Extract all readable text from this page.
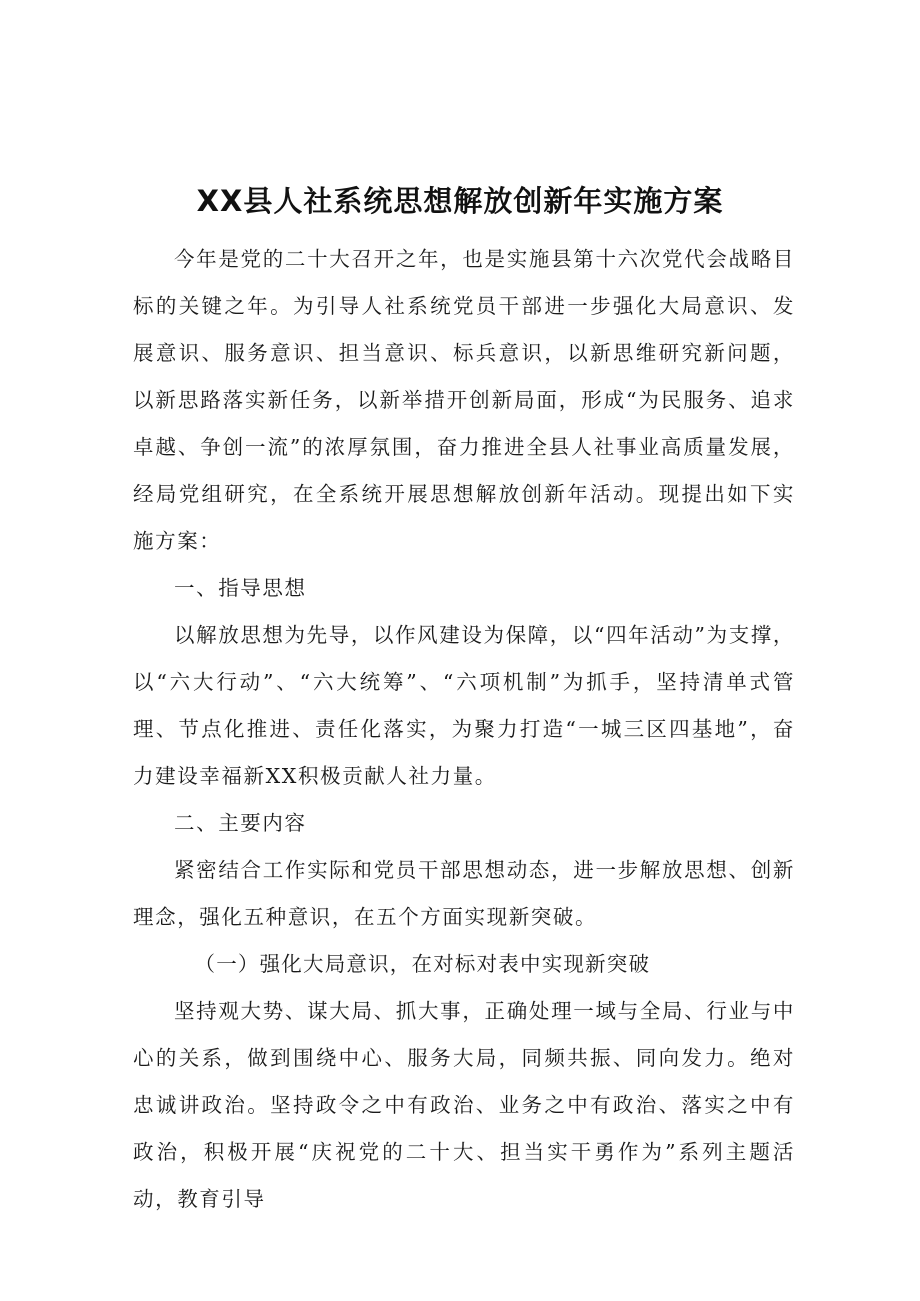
XX县人社系统思想解放创新年实施方案

今年是党的二十大召开之年，也是实施县第十六次党代会战略目标的关键之年。为引导人社系统党员干部进一步强化大局意识、发展意识、服务意识、担当意识、标兵意识，以新思维研究新问题，以新思路落实新任务，以新举措开创新局面，形成“为民服务、追求卓越、争创一流”的浓厚氛围，奋力推进全县人社事业高质量发展，经局党组研究，在全系统开展思想解放创新年活动。现提出如下实施方案：

一、指导思想

以解放思想为先导，以作风建设为保障，以“四年活动”为支撑，以“六大行动”、“六大统筹”、“六项机制”为抓手，坚持清单式管理、节点化推进、责任化落实，为聚力打造“一城三区四基地”，奋力建设幸福新XX积极贡献人社力量。

二、主要内容

紧密结合工作实际和党员干部思想动态，进一步解放思想、创新理念，强化五种意识，在五个方面实现新突破。

（一）强化大局意识，在对标对表中实现新突破

坚持观大势、谋大局、抓大事，正确处理一域与全局、行业与中心的关系，做到围绕中心、服务大局，同频共振、同向发力。绝对忠诚讲政治。坚持政令之中有政治、业务之中有政治、落实之中有政治，积极开展“庆祝党的二十大、担当实干勇作为”系列主题活动，教育引导
